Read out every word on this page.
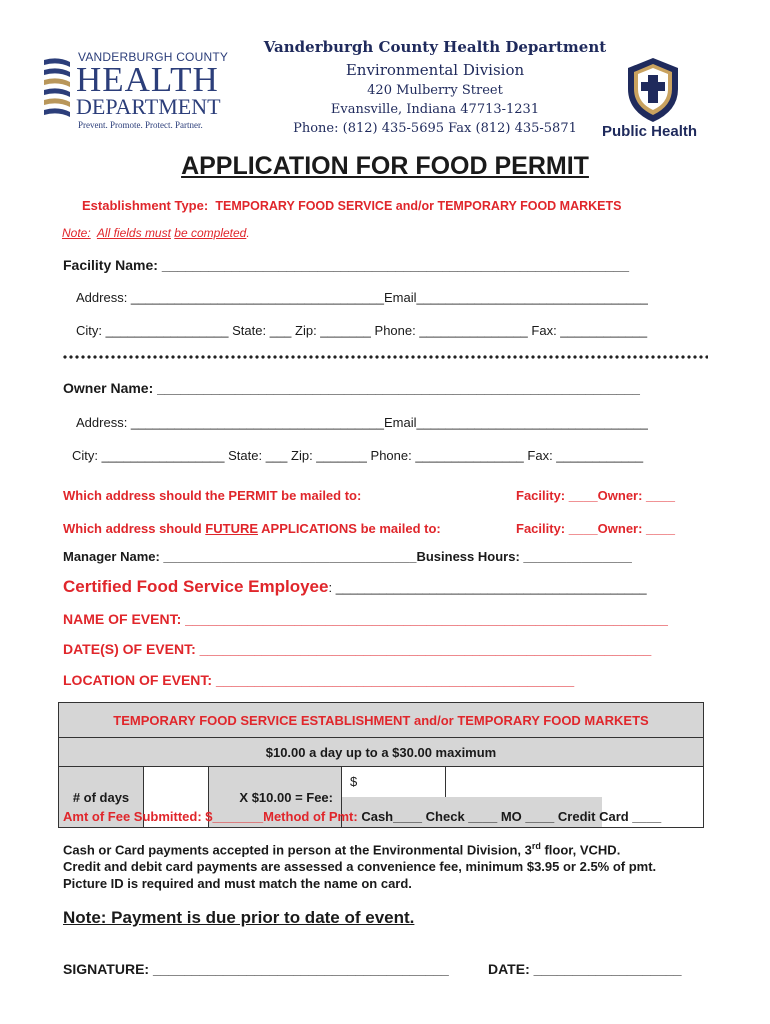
VANDERBURGH COUNTY
HEALTH
DEPARTMENT
Prevent. Promote. Protect. Partner.
Vanderburgh County Health Department
Environmental Division
420 Mulberry Street
Evansville, Indiana 47713-1231
Phone: (812) 435-5695 Fax (812) 435-5871	Public Health
APPLICATION FOR FOOD PERMIT
Establishment Type: TEMPORARY FOOD SERVICE and/or TEMPORARY FOOD MARKETS
Note: All fields must be completed.
Facility Name: ____________________________________________________________
Address: ___________________________________Email________________________________
City: _________________ State: ___ Zip: _______ Phone: _______________ Fax: ____________
Owner Name: ______________________________________________________________
Address: ___________________________________Email________________________________
City: _________________ State: ___ Zip: _______ Phone: _______________ Fax: ____________
Which address should the PERMIT be mailed to:	Facility: ____Owner: ____
Which address should FUTURE APPLICATIONS be mailed to:	Facility: ____Owner: ____
Manager Name: ___________________________________Business Hours: _______________
Certified Food Service Employee: ___________________________________________
NAME OF EVENT: ______________________________________________________________
DATE(S) OF EVENT: __________________________________________________________
LOCATION OF EVENT: ______________________________________________
TEMPORARY FOOD SERVICE ESTABLISHMENT and/or TEMPORARY FOOD MARKETS
$10.00 a day up to a $30.00 maximum
# of days		X $10.00 = Fee:	$
Amt of Fee Submitted: $_______Method of Pmt: Cash____ Check ____ MO ____ Credit Card ____
Cash or Card payments accepted in person at the Environmental Division, 3rd floor, VCHD.
Credit and debit card payments are assessed a convenience fee, minimum $3.95 or 2.5% of pmt.
Picture ID is required and must match the name on card.
Note: Payment is due prior to date of event.
SIGNATURE: ______________________________________	DATE: ___________________
